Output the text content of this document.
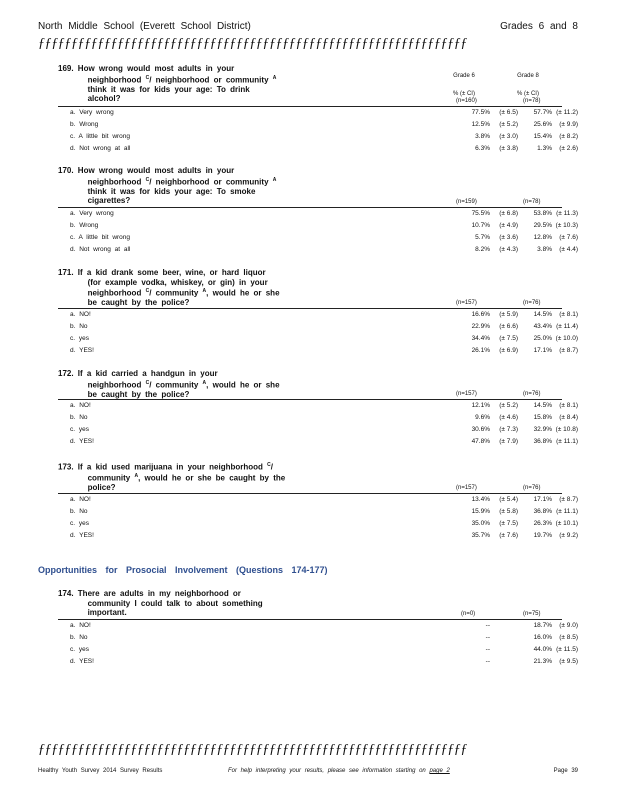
North Middle School (Everett School District)	Grades 6 and 8
ƒƒƒƒƒƒƒƒƒƒƒƒƒƒƒƒƒƒƒƒƒƒƒƒƒƒƒƒƒƒƒƒƒƒƒƒƒƒƒƒƒƒƒƒƒƒƒƒƒƒƒƒƒƒƒƒƒƒƒƒƒƒƒƒƒ
169. How wrong would most adults in your
neighborhood $^C$/ neighborhood or community $^A$
think it was for kids your age: To drink
alcohol?
Grade 6	Grade 8
% (± CI)	% (± CI)
(n=160)	(n=78)
a. Very wrong	77.5%	(± 6.5)	57.7% (± 11.2)
b. Wrong	12.5%	(± 5.2)	25.6%	(± 9.9)
c. A little bit wrong	3.8%	(± 3.0)	15.4%	(± 8.2)
d. Not wrong at all	6.3%	(± 3.8)	1.3%	(± 2.6)
170. How wrong would most adults in your
neighborhood $^C$/ neighborhood or community $^A$
think it was for kids your age: To smoke
cigarettes?	(n=159)	(n=78)
a. Very wrong	75.5%	(± 6.8)	53.8% (± 11.3)
b. Wrong	10.7%	(± 4.9)	29.5% (± 10.3)
c. A little bit wrong	5.7%	(± 3.6)	12.8%	(± 7.6)
d. Not wrong at all	8.2%	(± 4.3)	3.8%	(± 4.4)
171. If a kid drank some beer, wine, or hard liquor
(for example vodka, whiskey, or gin) in your
neighborhood $^C$/ community $^A$, would he or she
be caught by the police?	(n=157)	(n=76)
a. NO!	16.6%	(± 5.9)	14.5%	(± 8.1)
b. No	22.9%	(± 6.6)	43.4% (± 11.4)
c. yes	34.4%	(± 7.5)	25.0% (± 10.0)
d. YES!	26.1%	(± 6.9)	17.1%	(± 8.7)
172. If a kid carried a handgun in your
neighborhood $^C$/ community $^A$, would he or she
be caught by the police?	(n=157)	(n=76)
a. NO!	12.1%	(± 5.2)	14.5%	(± 8.1)
b. No	9.6%	(± 4.6)	15.8%	(± 8.4)
c. yes	30.6%	(± 7.3)	32.9% (± 10.8)
d. YES!	47.8%	(± 7.9)	36.8% (± 11.1)
173. If a kid used marijuana in your neighborhood $^C$/
community $^A$, would he or she be caught by the
police?	(n=157)	(n=76)
a. NO!	13.4%	(± 5.4)	17.1%	(± 8.7)
b. No	15.9%	(± 5.8)	36.8% (± 11.1)
c. yes	35.0%	(± 7.5)	26.3% (± 10.1)
d. YES!	35.7%	(± 7.6)	19.7%	(± 9.2)
Opportunities for Prosocial Involvement (Questions 174-177)
174. There are adults in my neighborhood or
community I could talk to about something
important.	(n=0)	(n=75)
a. NO!	--	18.7%	(± 9.0)
b. No	--	16.0%	(± 8.5)
c. yes	--	44.0% (± 11.5)
d. YES!	--	21.3%	(± 9.5)
ƒƒƒƒƒƒƒƒƒƒƒƒƒƒƒƒƒƒƒƒƒƒƒƒƒƒƒƒƒƒƒƒƒƒƒƒƒƒƒƒƒƒƒƒƒƒƒƒƒƒƒƒƒƒƒƒƒƒƒƒƒƒƒƒƒ
Healthy Youth Survey 2014 Survey Results	For help interpreting your results, please see information starting on page 2	Page 39
